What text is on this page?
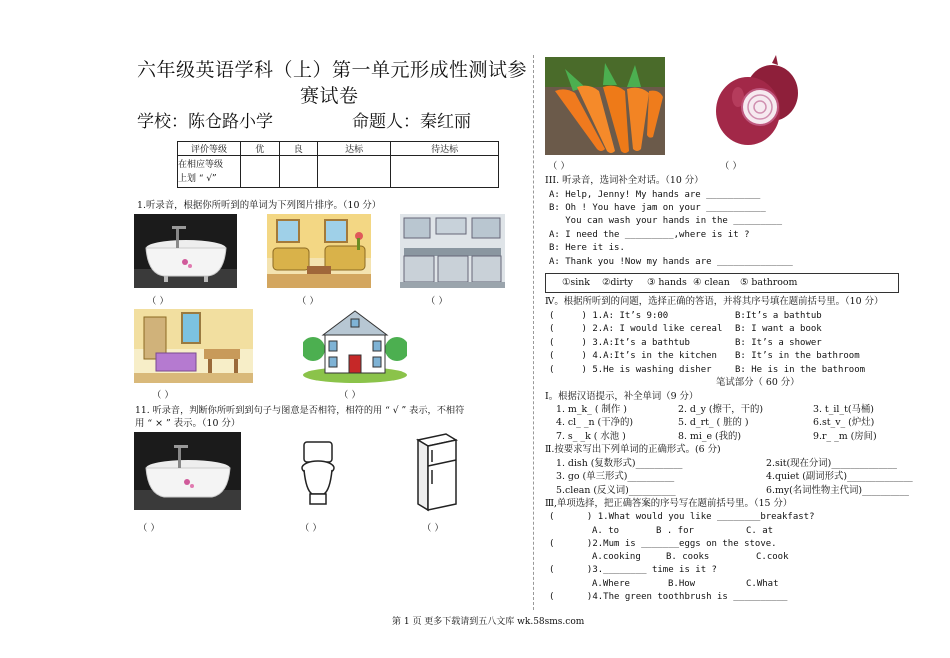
六年级英语学科（上）第一单元形成性测试参
赛试卷
学校：陈仓路小学	命题人：秦红丽
评价等级	优	良	达标	待达标
在相应等级
上划 “ √”				
1.听录音，根据你所听到的单词为下列图片排序。（10 分）
（ ）	（ ）	（ ）
（ ）	（ ）
11. 听录音，判断你所听到到句子与图意是否相符，相符的用 “ √ ” 表示，不相符
用 “ × ” 表示。（10 分）
（ ）	（ ）	（ ）
（ ）	（ ）
III. 听录音，选词补全对话。（10 分）
A: Help, Jenny! My hands are __________
B: Oh ! You have jam on your ___________
You can wash your hands in the _________
A: I need the _________,where is it ?
B: Here it is.
A: Thank you !Now my hands are ______________
①sink ②dirty ③ hands ④ clean ⑤ bathroom
Ⅳ。根据所听到的问题，选择正确的答语，并将其序号填在题前括号里。（10 分）
(     ) 1.A: It’s 9:00	B:It’s a bathtub
(     ) 2.A: I would like cereal B: I want a book
(     ) 3.A:It’s a bathtub	B: It’s a shower
(     ) 4.A:It’s in the kitchen B: It’s in the bathroom
(     ) 5.He is washing disher	B: He is in the bathroom
笔试部分（ 60 分）
Ⅰ。根据汉语提示，补全单词（9 分）
1. m_k_ ( 制作 )	2. d_y (擦干，干的)	3. t_il_t(马桶)
4. cl_ _n (干净的)	5. d_rt_ ( 脏的 )	6.st_v_ (炉灶)
7. s_ _k ( 水池 )	8. mi_e (我的)	9.r_ _m (房间)
Ⅱ.按要求写出下列单词的正确形式。(6 分)
1. dish (复数形式)__________	2.sit(现在分词)______________
3. go (单三形式)__________	4.quiet (副词形式)______________
5.clean (反义词)__________	6.my(名词性物主代词)__________
Ⅲ,单项选择，把正确答案的序号写在题前括号里。（15 分）
(      ) 1.What would you like ________breakfast?
A. to	B . for	C. at
(      )2.Mum is _______eggs on the stove.
A.cooking	B. cooks	C.cook
(      )3.________ time is it ?
A.Where	B.How	C.What
(      )4.The green toothbrush is __________
第 1 页 更多下载请到五八文库 wk.58sms.com
